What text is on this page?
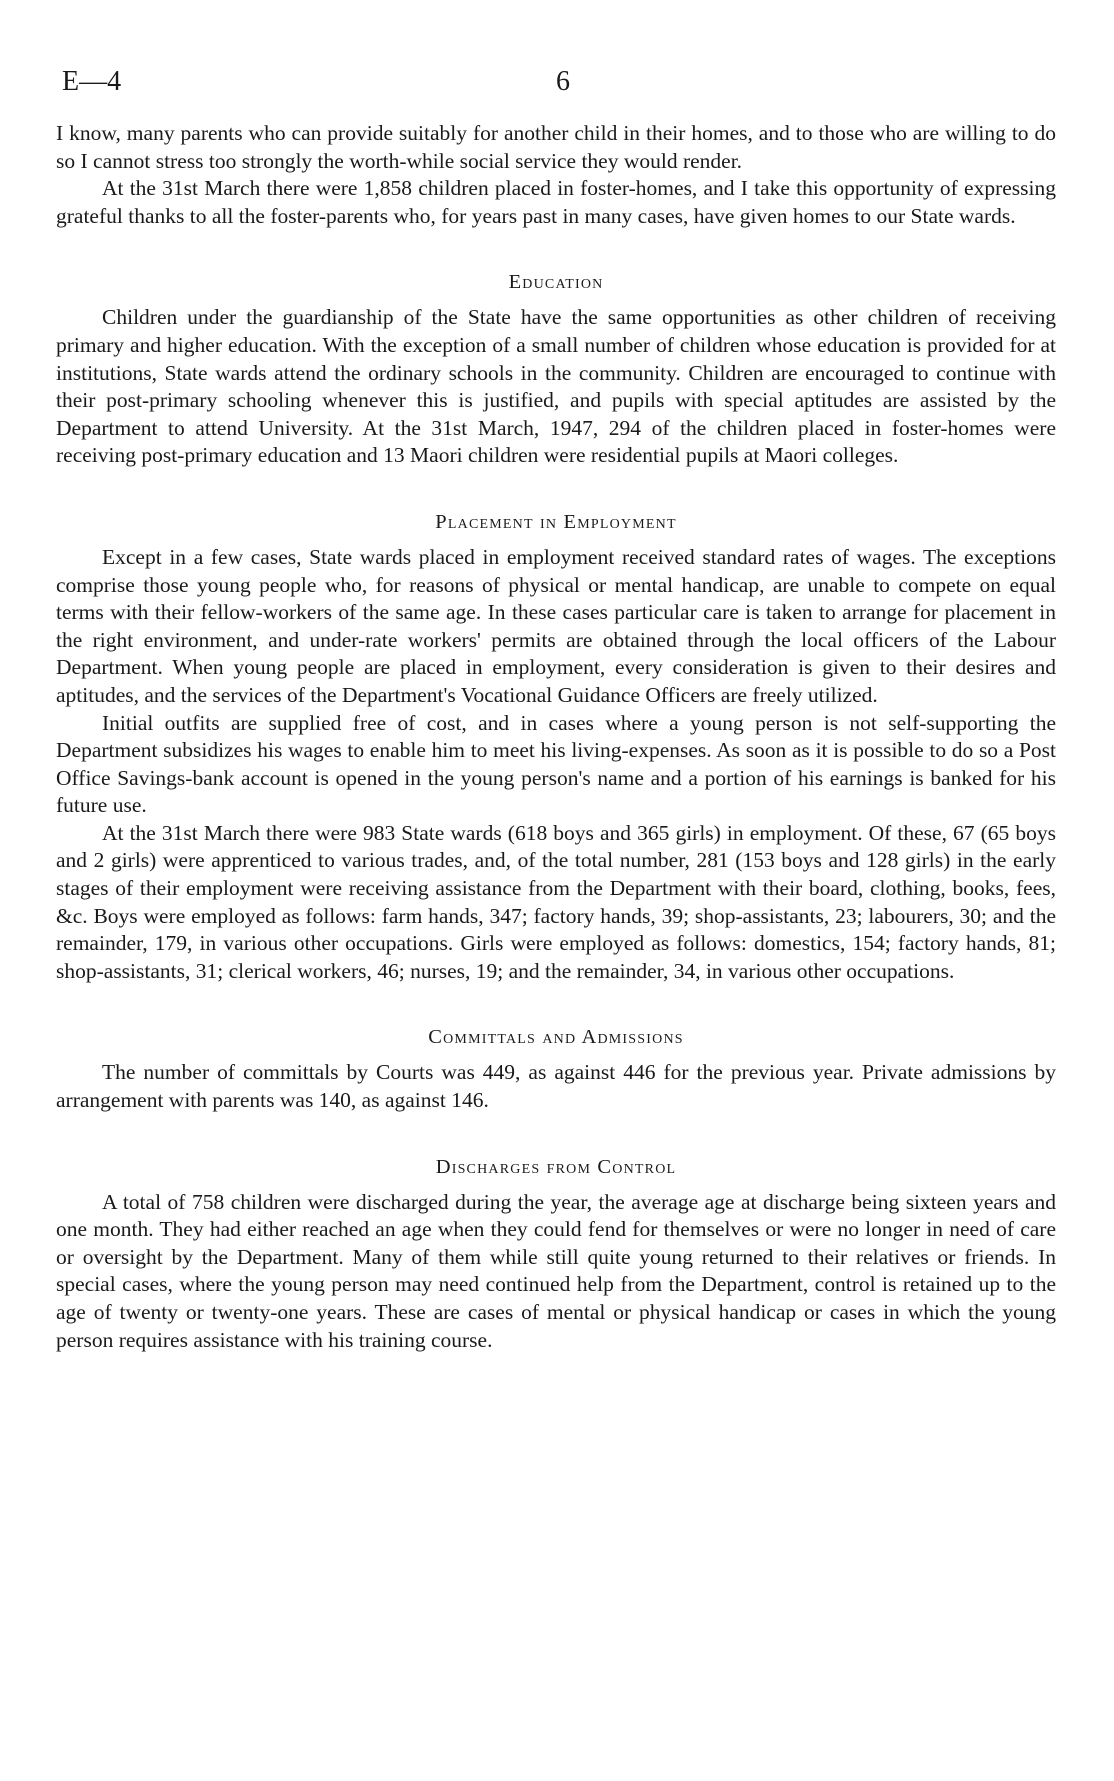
E—4	6

I know, many parents who can provide suitably for another child in their homes, and to those who are willing to do so I cannot stress too strongly the worth-while social service they would render.

At the 31st March there were 1,858 children placed in foster-homes, and I take this opportunity of expressing grateful thanks to all the foster-parents who, for years past in many cases, have given homes to our State wards.

Education

Children under the guardianship of the State have the same opportunities as other children of receiving primary and higher education. With the exception of a small number of children whose education is provided for at institutions, State wards attend the ordinary schools in the community. Children are encouraged to continue with their post-primary schooling whenever this is justified, and pupils with special aptitudes are assisted by the Department to attend University. At the 31st March, 1947, 294 of the children placed in foster-homes were receiving post-primary education and 13 Maori children were residential pupils at Maori colleges.

Placement in Employment

Except in a few cases, State wards placed in employment received standard rates of wages. The exceptions comprise those young people who, for reasons of physical or mental handicap, are unable to compete on equal terms with their fellow-workers of the same age. In these cases particular care is taken to arrange for placement in the right environment, and under-rate workers' permits are obtained through the local officers of the Labour Department. When young people are placed in employment, every consideration is given to their desires and aptitudes, and the services of the Department's Vocational Guidance Officers are freely utilized.

Initial outfits are supplied free of cost, and in cases where a young person is not self-supporting the Department subsidizes his wages to enable him to meet his living-expenses. As soon as it is possible to do so a Post Office Savings-bank account is opened in the young person's name and a portion of his earnings is banked for his future use.

At the 31st March there were 983 State wards (618 boys and 365 girls) in employment. Of these, 67 (65 boys and 2 girls) were apprenticed to various trades, and, of the total number, 281 (153 boys and 128 girls) in the early stages of their employment were receiving assistance from the Department with their board, clothing, books, fees, &c. Boys were employed as follows: farm hands, 347; factory hands, 39; shop-assistants, 23; labourers, 30; and the remainder, 179, in various other occupations. Girls were employed as follows: domestics, 154; factory hands, 81; shop-assistants, 31; clerical workers, 46; nurses, 19; and the remainder, 34, in various other occupations.

Committals and Admissions

The number of committals by Courts was 449, as against 446 for the previous year. Private admissions by arrangement with parents was 140, as against 146.

Discharges from Control

A total of 758 children were discharged during the year, the average age at discharge being sixteen years and one month. They had either reached an age when they could fend for themselves or were no longer in need of care or oversight by the Department. Many of them while still quite young returned to their relatives or friends. In special cases, where the young person may need continued help from the Department, control is retained up to the age of twenty or twenty-one years. These are cases of mental or physical handicap or cases in which the young person requires assistance with his training course.
